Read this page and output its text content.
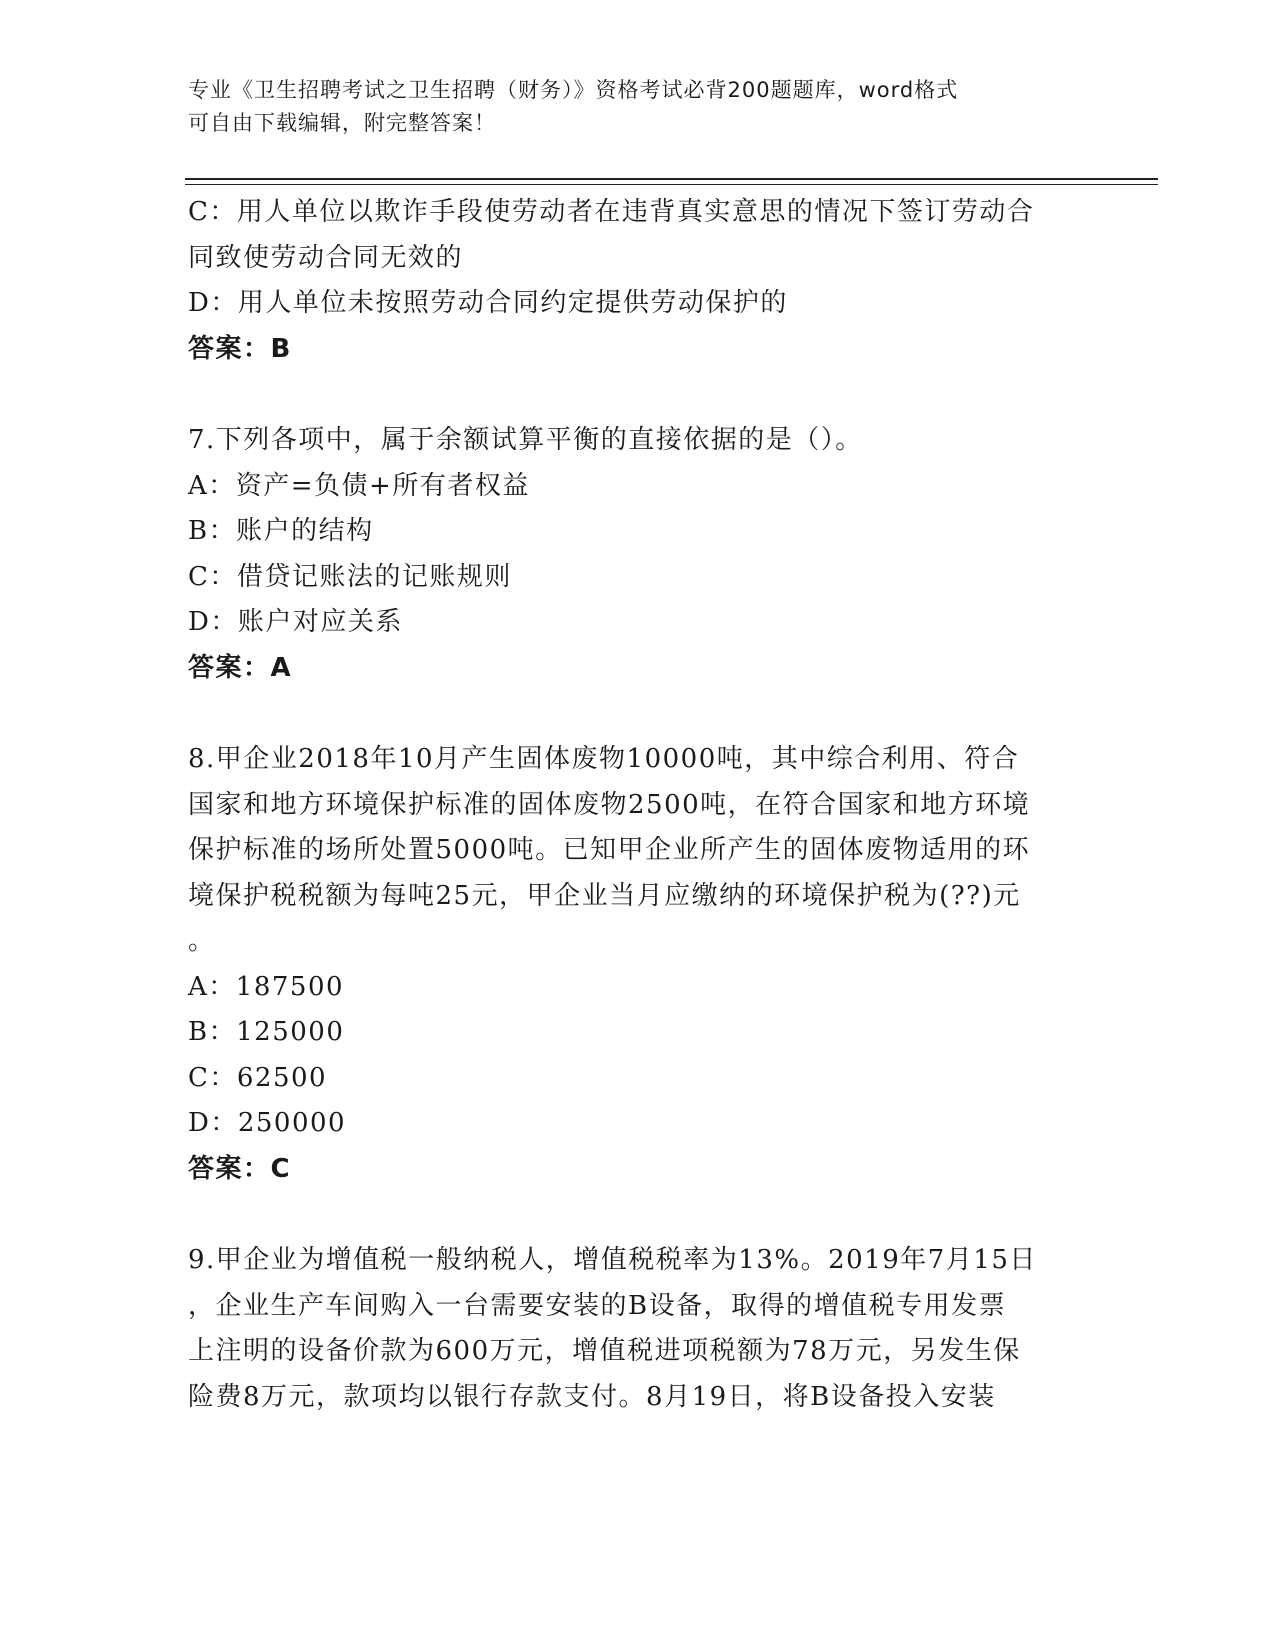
专业《卫生招聘考试之卫生招聘（财务）》资格考试必背200题题库，word格式
可自由下载编辑，附完整答案！

C：用人单位以欺诈手段使劳动者在违背真实意思的情况下签订劳动合

同致使劳动合同无效的

D：用人单位未按照劳动合同约定提供劳动保护的

答案：B

7.下列各项中，属于余额试算平衡的直接依据的是（）。

A：资产=负债+所有者权益

B：账户的结构

C：借贷记账法的记账规则

D：账户对应关系

答案：A

8.甲企业2018年10月产生固体废物10000吨，其中综合利用、符合

国家和地方环境保护标准的固体废物2500吨，在符合国家和地方环境

保护标准的场所处置5000吨。已知甲企业所产生的固体废物适用的环

境保护税税额为每吨25元，甲企业当月应缴纳的环境保护税为(??)元

。

A：187500

B：125000

C：62500

D：250000

答案：C

9.甲企业为增值税一般纳税人，增值税税率为13%。2019年7月15日

，企业生产车间购入一台需要安装的B设备，取得的增值税专用发票

上注明的设备价款为600万元，增值税进项税额为78万元，另发生保

险费8万元，款项均以银行存款支付。8月19日，将B设备投入安装
